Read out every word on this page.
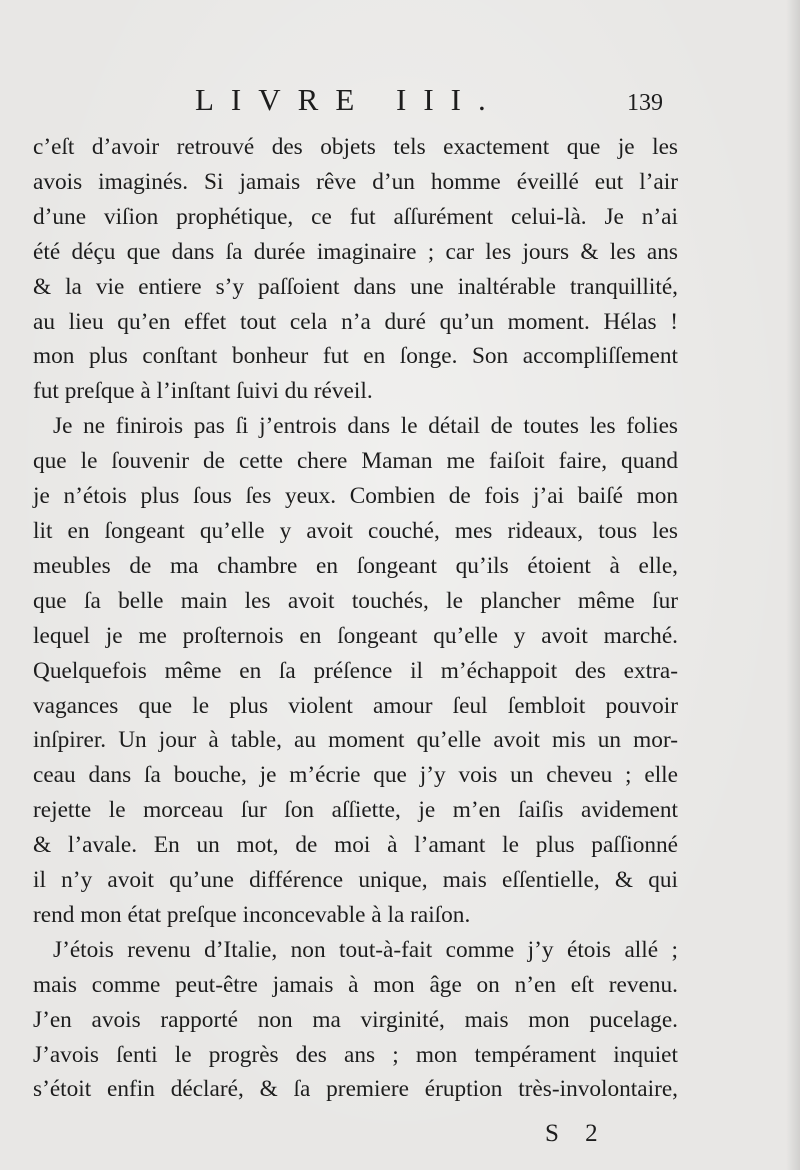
LIVRE III.	139
c’eſt d’avoir retrouvé des objets tels exactement que je les
avois imaginés. Si jamais rêve d’un homme éveillé eut l’air
d’une viſion prophétique, ce fut aſſurément celui-là. Je n’ai
été déçu que dans ſa durée imaginaire ; car les jours & les ans
& la vie entiere s’y paſſoient dans une inaltérable tranquillité,
au lieu qu’en effet tout cela n’a duré qu’un moment. Hélas !
mon plus conſtant bonheur fut en ſonge. Son accompliſſement
fut preſque à l’inſtant ſuivi du réveil.
Je ne finirois pas ſi j’entrois dans le détail de toutes les folies
que le ſouvenir de cette chere Maman me faiſoit faire, quand
je n’étois plus ſous ſes yeux. Combien de fois j’ai baiſé mon
lit en ſongeant qu’elle y avoit couché, mes rideaux, tous les
meubles de ma chambre en ſongeant qu’ils étoient à elle,
que ſa belle main les avoit touchés, le plancher même ſur
lequel je me proſternois en ſongeant qu’elle y avoit marché.
Quelquefois même en ſa préſence il m’échappoit des extra-
vagances que le plus violent amour ſeul ſembloit pouvoir
inſpirer. Un jour à table, au moment qu’elle avoit mis un mor-
ceau dans ſa bouche, je m’écrie que j’y vois un cheveu ; elle
rejette le morceau ſur ſon aſſiette, je m’en ſaiſis avidement
& l’avale. En un mot, de moi à l’amant le plus paſſionné
il n’y avoit qu’une différence unique, mais eſſentielle, & qui
rend mon état preſque inconcevable à la raiſon.
J’étois revenu d’Italie, non tout-à-fait comme j’y étois allé ;
mais comme peut-être jamais à mon âge on n’en eſt revenu.
J’en avois rapporté non ma virginité, mais mon pucelage.
J’avois ſenti le progrès des ans ; mon tempérament inquiet
s’étoit enfin déclaré, & ſa premiere éruption très-involontaire,
S 2
